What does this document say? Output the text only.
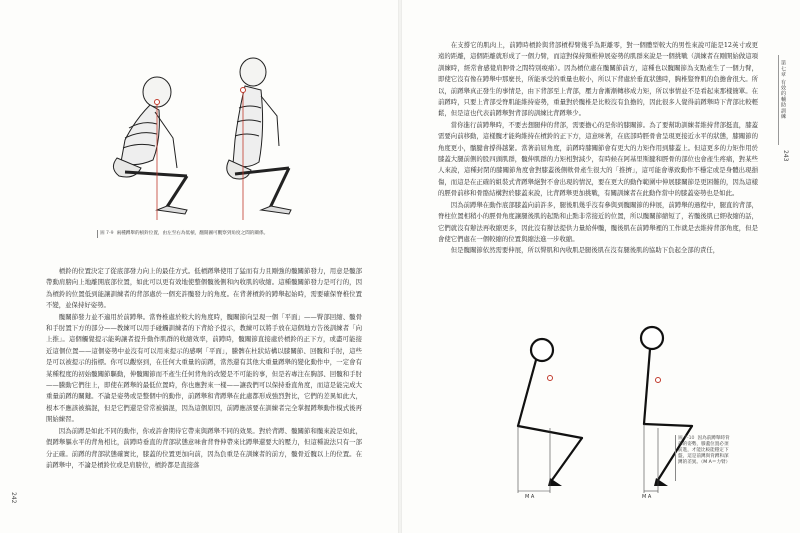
圖 7-9 兩種蹲舉的槓鈴位置，由左至右為低槓，翻開圖可觀察到角度之間的關係。

槓鈴的位置決定了從底部發力向上的最佳方式。低槓蹲舉使用了猛而有力且剛強的髖關節發力，用意是髖部帶動肩膀向上地離開底部位置，如此可以更有效地使整個髖後側和內收肌的收縮。這種髖關節發力是可行的，因為槓鈴的位置低到能讓訓練者的背部處於一個充許髖發力的角度。在背著槓鈴的蹲舉起始時，需要確保脊椎位置不變，並保持好姿勢。

髖關節發力並不適用於前蹲舉。當脊椎處於較大的角度時，髖關節向呈現一個「平面」——臀部回縮、髖骨和手肘置下方的部分——教練可以用手碰觸訓練者的下背給予提示，教練可以將手放在這個地方告後訓練者「向上推」。這個觸覺提示能夠讓者提升動作肌群的收縮效率，前蹲時，髖關節直接處於槓鈴的正下方，或盡可能接近這個位置——這個姿勢中並沒有可以用來提示的感啊「平面」，騰髀在杜狀結構以膝關節、回髖和手肘，這些是可以被提示的指標。你可以觀察到，在任何大重量的前蹲，當然還有其他大重量蹲舉的變化動作中，一定會有某種程度的初始髖關節驅動，伸髖關節而不產生任何背角的改變是不可能的事，但是若專注在胸部、回髖和手肘——騰動它們往上，即使在蹲舉的最低位置時，你也應對來一樣——讓我們可以保持垂直角度，而這是能完成大重量前蹲的關鍵。不論是姿勢或是整個中的動作，前蹲舉和背蹲舉在此處都形成強烈對比，它們的差異如此大，根本不應該被搞混，但是它們還是常常被搞混，因為這個原因，前蹲應該要在訓練者完全掌握蹲舉動作模式後再開始練習。

因為前蹲是如此不同的動作，你或許會期待它帶來與蹲舉不同的效果。對於背蹲、髖關節和髖來說是如此，假蹲舉軀水平的背角相比，前蹲時垂直的背部狀態意味會背脊伸帶來比蹲舉還要大的壓力，但這種說法只有一部分正確。前蹲的背部狀態確實比，膝蓋的位置更加向前，因為負重是在訓練者的前方，髖骨近髖以上的位置。在前蹲舉中，不論是槓鈴位或是肩膀位，槓鈴都是直接落

242

在支撐它的肌肉上，前蹲時槓鈴與背部槓桿臂幾乎為距離零，對一個體型較大的男性來說可能是12英寸或更遠的距離，這個距離就形成了一個力臂，而這對保持頸椎伸展姿勢的肌群來說是一個挑戰（訓練者在剛開始做這項訓練時，經常會感覺肩胛骨之間特別痠痛）。因為槓位處在髖關節前方，這種也以髖關節為支點產生了一個力臂，即使它沒有像在蹲舉中那麼長，所能承受的重量也較小，所以下背處於垂直狀態時，胸椎豎脊肌的負擔會很大。所以，前蹲舉真正發生的事情是，由下背部至上背部，壓力會漸漸轉移成力矩，所以事情並不是看起來那樣簡單。在前蹲時，只要上背部受脊肌能維持姿勢，重量對於髖椎是比較沒有負擔的，因此很多人覺得前蹲舉時下背部比較輕鬆，但是這也代表前蹲舉對背部的訓練比背蹲舉少。

當你進行前蹲舉時，不要去想腿伸的背部，需要擔心的是你的膝關節。為了要幫助訓練者維持背部挺直，膝蓋需要向前移動，這樣髖才能夠維持在槓鈴的正下方，這意味著，在底部時脛骨會呈現更接近水平的狀態，膝關節的角度更小，髕腱會撐得越緊。當著前屈角度，前蹲時膝關節會有更大的力矩作用到膝蓋上。但這更多的力矩作用於膝蓋大腿前側的股四頭肌群，髖伸肌群的力矩相對減少，有時候在阿基里斯腱和脛骨的部位也會產生疼痛，對某些人來說，這種封閉的膝關節角度會對膝蓋後側軟骨產生很大的「推擠」，這可能會導致動作不穩定或是身體出現損傷，而這是在正確的組裝式背蹲舉絕對不會出現的情況，要在更大的動作範圍中伸展膝關節是更困難的，因為這樣的脛骨前移和骨骼結構對於膝蓋來說，比背蹲舉更加挑戰，有關訓練者在此動作當中的膝蓋姿勢也是如此。

因為前蹲舉在動作底部膝蓋向前許多，腿後肌幾乎沒有參與到髖關節的伸展，前蹲舉的過程中，腿直的背部，脊柱位置相稍小的脛骨角度讓腿後肌的起點和止點非常接近的位置，所以髖關節縮短了，若髖後肌已經收縮的話，它們就沒有辦法再收縮更多，因此沒有辦法提供力量給伸髖，髖後肌在前蹲舉裡的工作就是去維持背部角度，但是會使它們處在一個較縮的位置與縮法進一步收縮。

但是髖關節依然需要伸展，所以臀肌和內收肌是腿後肌在沒有腿後肌的協助下負起全部的責任，

M A	M A
圖 7-10 因為前蹲舉時背部的姿勢，膝蓋位置必須前進，才能比較能穩定下盤，這是前蹲與背蹲和深蹲的差異。（M A＝力臂）
第七章 有效的輔助訓練
243
